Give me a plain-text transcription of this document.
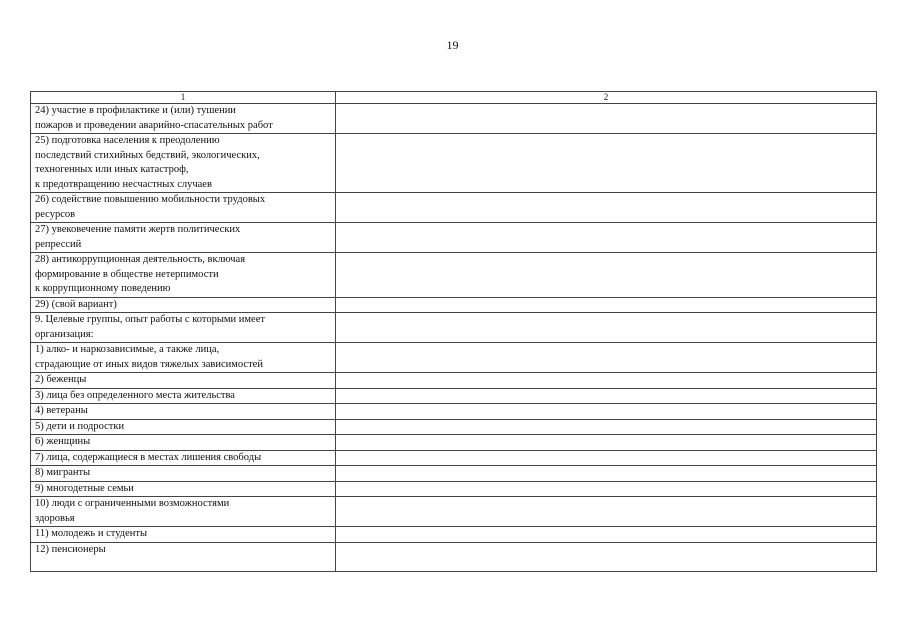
19
1	2
24) участие в профилактике и (или) тушении
пожаров и проведении аварийно-спасательных работ	
25) подготовка населения к преодолению
последствий стихийных бедствий, экологических,
техногенных или иных катастроф,
к предотвращению несчастных случаев	
26) содействие повышению мобильности трудовых
ресурсов	
27) увековечение памяти жертв политических
репрессий	
28) антикоррупционная деятельность, включая
формирование в обществе нетерпимости
к коррупционному поведению	
29) (свой вариант)	
9. Целевые группы, опыт работы с которыми имеет
организация:	
1) алко- и наркозависимые, а также лица,
страдающие от иных видов тяжелых зависимостей	
2) беженцы	
3) лица без определенного места жительства	
4) ветераны	
5) дети и подростки	
6) женщины	
7) лица, содержащиеся в местах лишения свободы	
8) мигранты	
9) многодетные семьи	
10) люди с ограниченными возможностями
здоровья	
11) молодежь и студенты	
12) пенсионеры	
